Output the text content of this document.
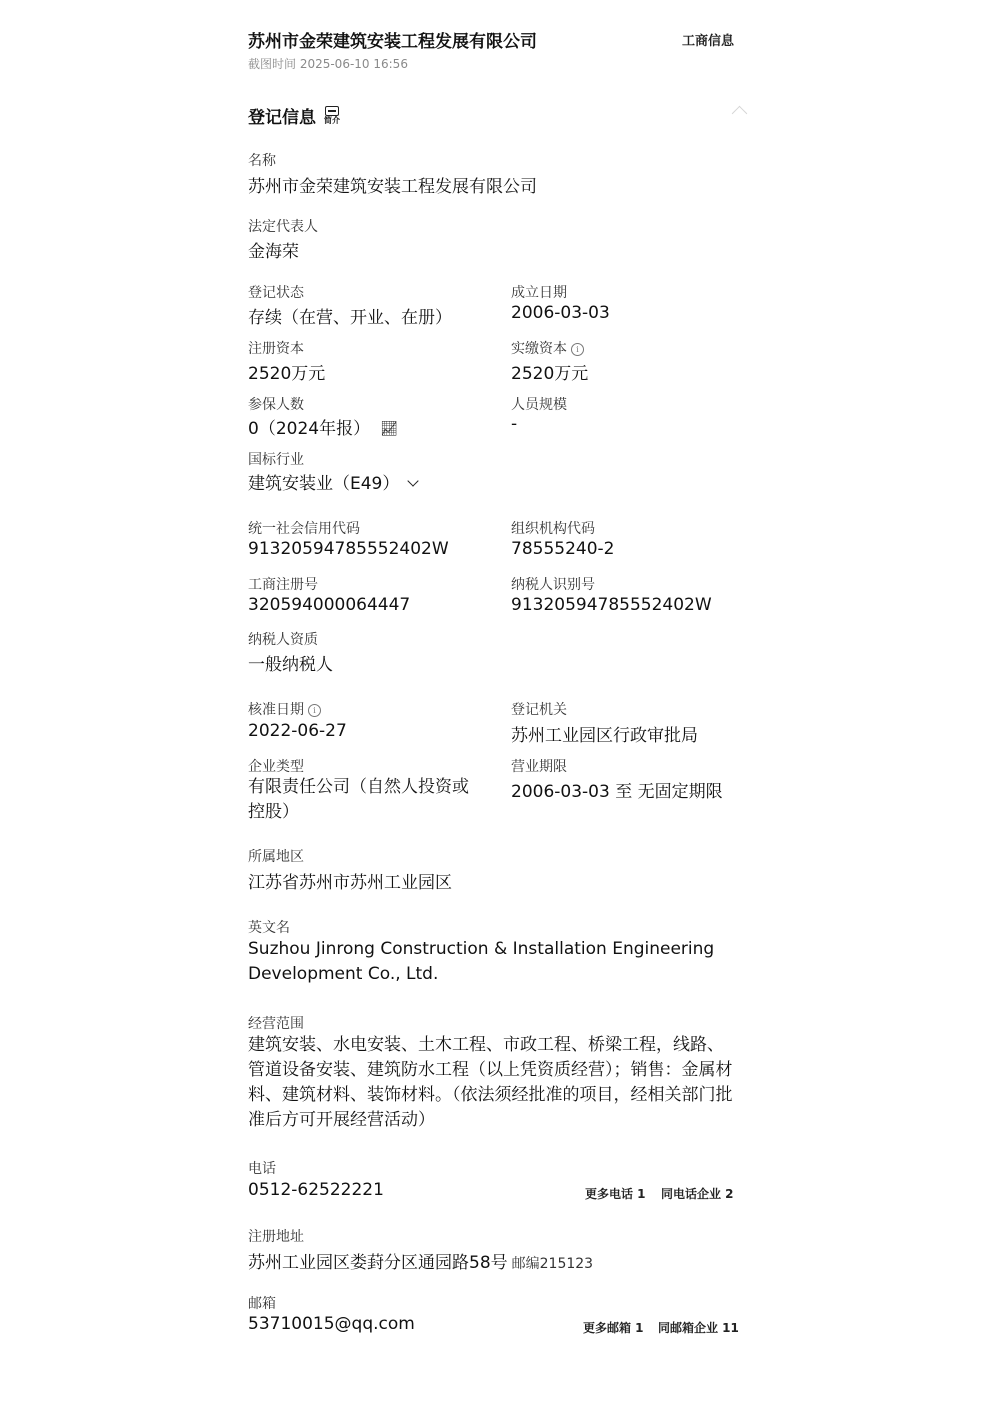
苏州市金荣建筑安装工程发展有限公司	工商信息
截图时间 2025-06-10 16:56
登记信息 简介
名称
苏州市金荣建筑安装工程发展有限公司
法定代表人
金海荣
登记状态
存续（在营、开业、在册）
成立日期
2006-03-03
注册资本
2520万元
实缴资本 i
2520万元
参保人数
0（2024年报） 📈︎
人员规模
-
国标行业
建筑安装业（E49）
统一社会信用代码
91320594785552402W
组织机构代码
78555240-2
工商注册号
320594000064447
纳税人识别号
91320594785552402W
纳税人资质
一般纳税人
核准日期 i
2022-06-27
登记机关
苏州工业园区行政审批局
企业类型
有限责任公司（自然人投资或控股）
营业期限
2006-03-03 至 无固定期限
所属地区
江苏省苏州市苏州工业园区
英文名
Suzhou Jinrong Construction & Installation Engineering Development Co., Ltd.
经营范围
建筑安装、水电安装、土木工程、市政工程、桥梁工程，线路、管道设备安装、建筑防水工程（以上凭资质经营）；销售：金属材料、建筑材料、装饰材料。（依法须经批准的项目，经相关部门批准后方可开展经营活动）
电话
0512-62522221	更多电话 1 同电话企业 2
注册地址
苏州工业园区娄葑分区通园路58号 邮编215123
邮箱
53710015@qq.com	更多邮箱 1 同邮箱企业 11
